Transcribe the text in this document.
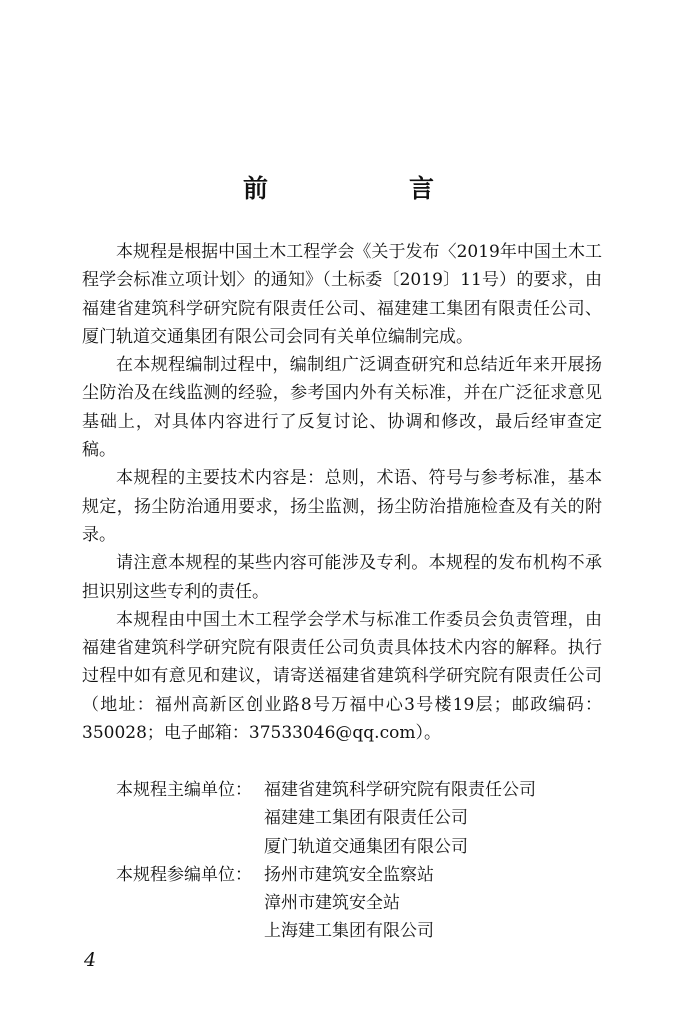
前　言

本规程是根据中国土木工程学会《关于发布〈2019年中国土木工程学会标准立项计划〉的通知》（土标委〔2019〕11号）的要求，由福建省建筑科学研究院有限责任公司、福建建工集团有限责任公司、厦门轨道交通集团有限公司会同有关单位编制完成。

在本规程编制过程中，编制组广泛调查研究和总结近年来开展扬尘防治及在线监测的经验，参考国内外有关标准，并在广泛征求意见基础上，对具体内容进行了反复讨论、协调和修改，最后经审查定稿。

本规程的主要技术内容是：总则，术语、符号与参考标准，基本规定，扬尘防治通用要求，扬尘监测，扬尘防治措施检查及有关的附录。

请注意本规程的某些内容可能涉及专利。本规程的发布机构不承担识别这些专利的责任。

本规程由中国土木工程学会学术与标准工作委员会负责管理，由福建省建筑科学研究院有限责任公司负责具体技术内容的解释。执行过程中如有意见和建议，请寄送福建省建筑科学研究院有限责任公司（地址：福州高新区创业路8号万福中心3号楼19层；邮政编码：350028；电子邮箱：37533046@qq.com）。

本规程主编单位： 福建省建筑科学研究院有限责任公司
福建建工集团有限责任公司
厦门轨道交通集团有限公司
本规程参编单位： 扬州市建筑安全监察站
漳州市建筑安全站
上海建工集团有限公司
4
